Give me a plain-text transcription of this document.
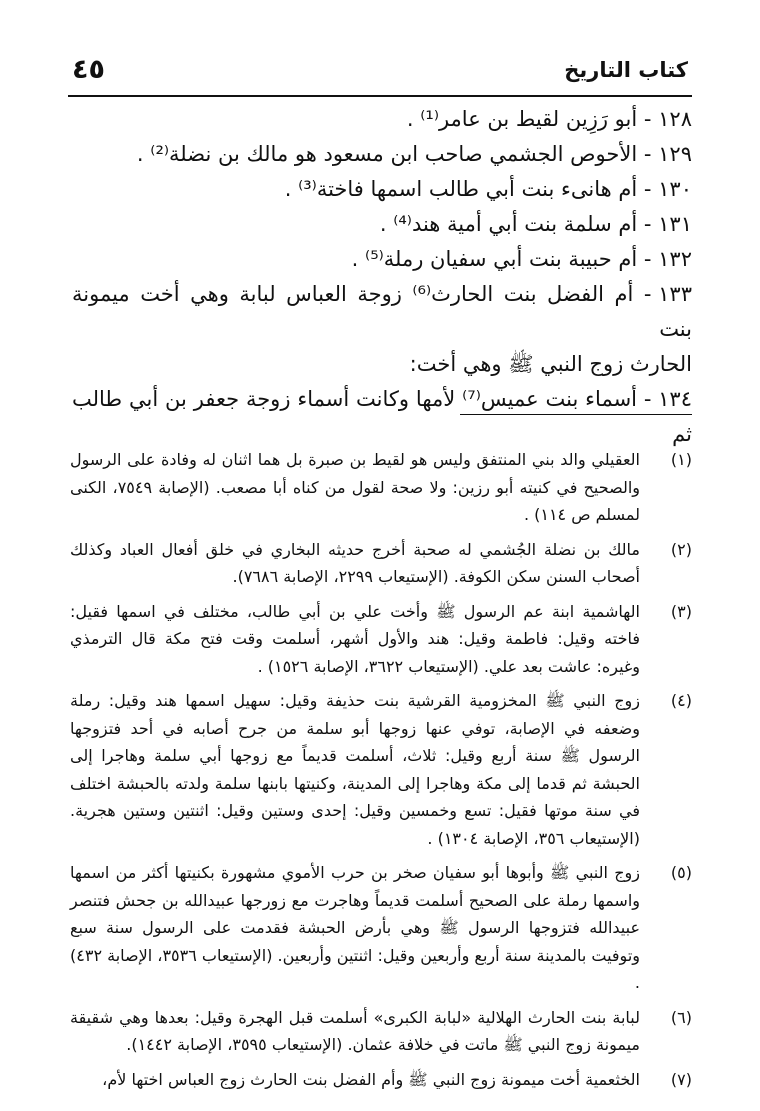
٤٥	كتاب التاريخ
١٢٨ - أبو رَزِين لقيط بن عامر⁽¹⁾ .
١٢٩ - الأحوص الجشمي صاحب ابن مسعود هو مالك بن نضلة⁽²⁾ .
١٣٠ - أم هانىء بنت أبي طالب اسمها فاختة⁽³⁾ .
١٣١ - أم سلمة بنت أبي أمية هند⁽⁴⁾ .
١٣٢ - أم حبيبة بنت أبي سفيان رملة⁽⁵⁾ .
١٣٣ - أم الفضل بنت الحارث⁽⁶⁾ زوجة العباس لبابة وهي أخت ميمونة بنت
الحارث زوج النبي ﷺ وهي أخت:
١٣٤ - أسماء بنت عميس⁽⁷⁾ لأمها وكانت أسماء زوجة جعفر بن أبي طالب ثم
(١)
العقيلي والد بني المنتفق وليس هو لقيط بن صبرة بل هما اثنان له وفادة على الرسول والصحيح في كنيته أبو رزين: ولا صحة لقول من كناه أبا مصعب. (الإصابة ٧٥٤٩، الكنى لمسلم ص ١١٤) .
(٢)
مالك بن نضلة الجُشمي له صحبة أخرج حديثه البخاري في خلق أفعال العباد وكذلك أصحاب السنن سكن الكوفة. (الإستيعاب ٢٢٩٩، الإصابة ٧٦٨٦).
(٣)
الهاشمية ابنة عم الرسول ﷺ وأخت علي بن أبي طالب، مختلف في اسمها فقيل: فاخته وقيل: فاطمة وقيل: هند والأول أشهر، أسلمت وقت فتح مكة قال الترمذي وغيره: عاشت بعد علي. (الإستيعاب ٣٦٢٢، الإصابة ١٥٢٦) .
(٤)
زوج النبي ﷺ المخزومية القرشية بنت حذيفة وقيل: سهيل اسمها هند وقيل: رملة وضعفه في الإصابة، توفي عنها زوجها أبو سلمة من جرح أصابه في أحد فتزوجها الرسول ﷺ سنة أربع وقيل: ثلاث، أسلمت قديماً مع زوجها أبي سلمة وهاجرا إلى الحبشة ثم قدما إلى مكة وهاجرا إلى المدينة، وكنيتها بابنها سلمة ولدته بالحبشة اختلف في سنة موتها فقيل: تسع وخمسين وقيل: إحدى وستين وقيل: اثنتين وستين هجرية. (الإستيعاب ٣٥٦، الإصابة ١٣٠٤) .
(٥)
زوج النبي ﷺ وأبوها أبو سفيان صخر بن حرب الأموي مشهورة بكنيتها أكثر من اسمها واسمها رملة على الصحيح أسلمت قديماً وهاجرت مع زورجها عبيدالله بن جحش فتنصر عبيدالله فتزوجها الرسول ﷺ وهي بأرض الحبشة فقدمت على الرسول سنة سبع وتوفيت بالمدينة سنة أربع وأربعين وقيل: اثنتين وأربعين. (الإستيعاب ٣٥٣٦، الإصابة ٤٣٢) .
(٦)
لبابة بنت الحارث الهلالية «لبابة الكبرى» أسلمت قبل الهجرة وقيل: بعدها وهي شقيقة ميمونة زوج النبي ﷺ ماتت في خلافة عثمان. (الإستيعاب ٣٥٩٥، الإصابة ١٤٤٢).
(٧)
الخثعمية أخت ميمونة زوج النبي ﷺ وأم الفضل بنت الحارث زوج العباس اختها لأم،
